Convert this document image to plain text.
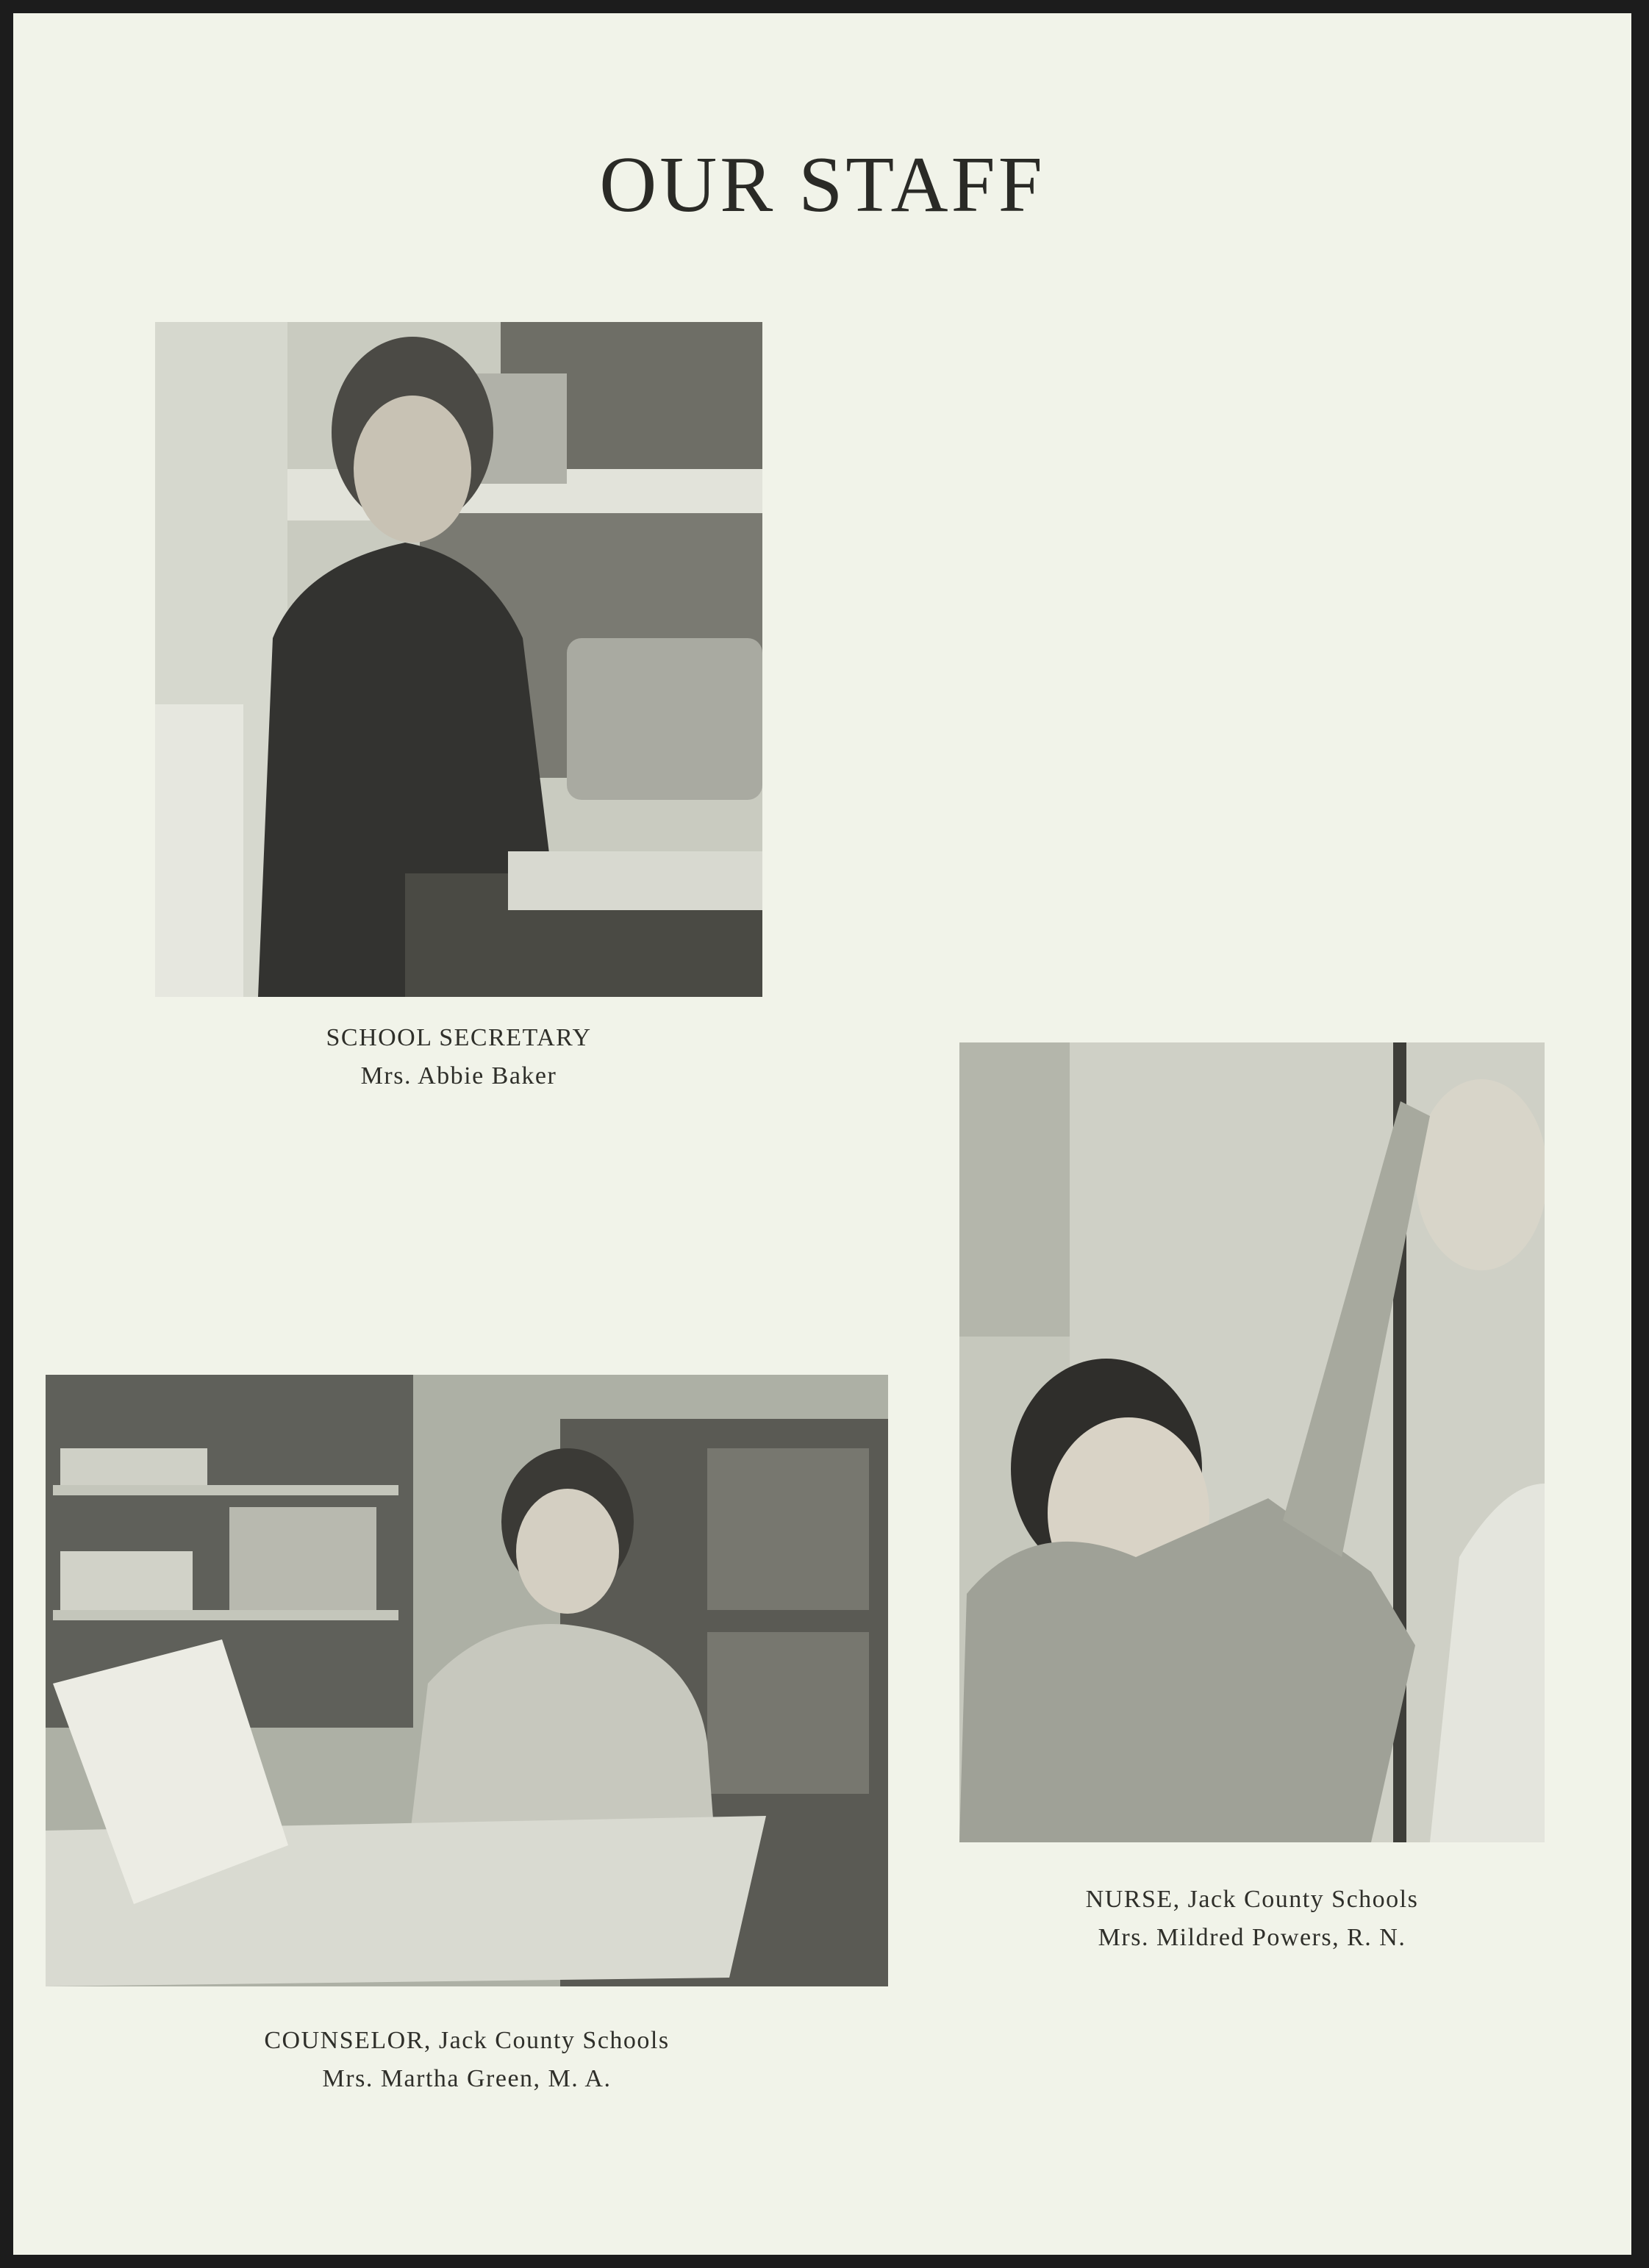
OUR STAFF
SCHOOL SECRETARY
Mrs. Abbie Baker
NURSE, Jack County Schools
Mrs. Mildred Powers, R. N.
COUNSELOR, Jack County Schools
Mrs. Martha Green, M. A.
